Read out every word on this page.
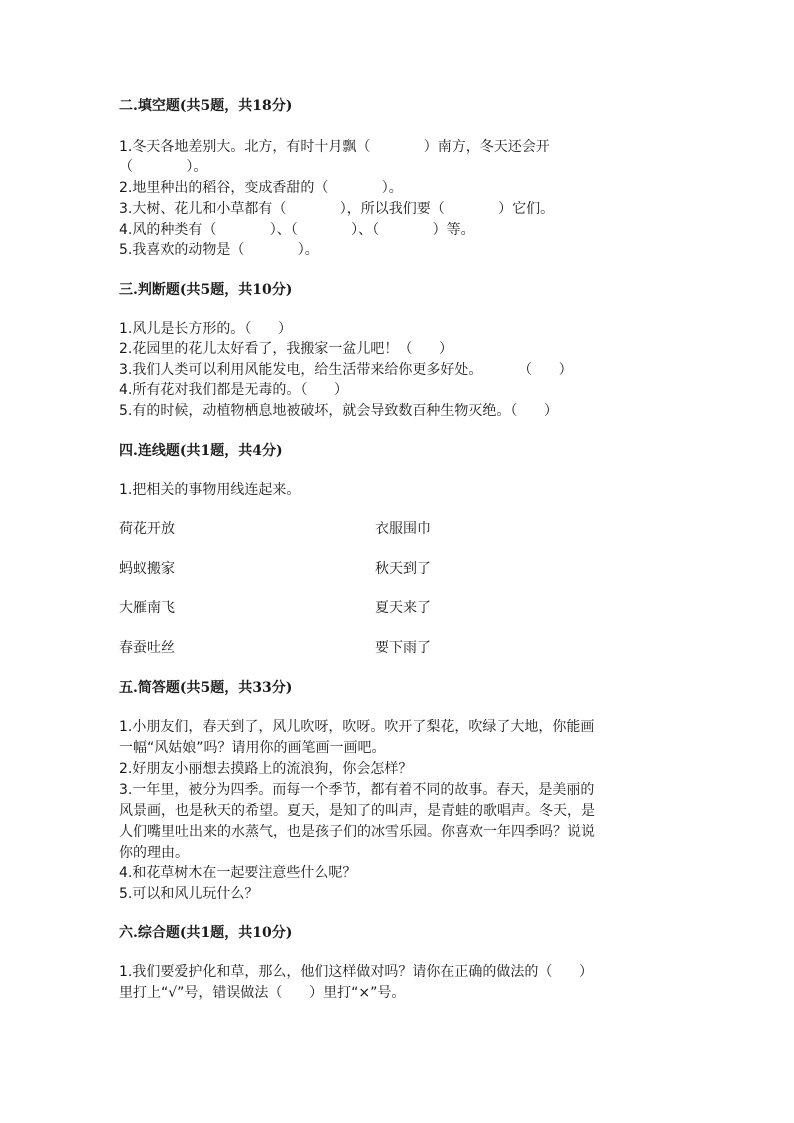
二.填空题(共5题，共18分)
1.冬天各地差别大。北方，有时十月飘（            ）南方，冬天还会开
（            ）。
2.地里种出的稻谷，变成香甜的（            ）。
3.大树、花儿和小草都有（            ），所以我们要（            ）它们。
4.风的种类有（            ）、（            ）、（            ）等。
5.我喜欢的动物是（            ）。
三.判断题(共5题，共10分)
1.风儿是长方形的。（      ）
2.花园里的花儿太好看了，我搬家一盆儿吧！（      ）
3.我们人类可以利用风能发电，给生活带来给你更多好处。        （      ）
4.所有花对我们都是无毒的。（      ）
5.有的时候，动植物栖息地被破坏，就会导致数百种生物灭绝。（      ）
四.连线题(共1题，共4分)
1.把相关的事物用线连起来。
荷花开放	衣服围巾
蚂蚁搬家	秋天到了
大雁南飞	夏天来了
春蚕吐丝	要下雨了
五.简答题(共5题，共33分)
1.小朋友们，春天到了，风儿吹呀，吹呀。吹开了梨花，吹绿了大地，你能画
一幅“风姑娘”吗？请用你的画笔画一画吧。
2.好朋友小丽想去摸路上的流浪狗，你会怎样？
3.一年里，被分为四季。而每一个季节，都有着不同的故事。春天，是美丽的
风景画，也是秋天的希望。夏天，是知了的叫声，是青蛙的歌唱声。冬天，是
人们嘴里吐出来的水蒸气，也是孩子们的冰雪乐园。你喜欢一年四季吗？说说
你的理由。
4.和花草树木在一起要注意些什么呢？
5.可以和风儿玩什么？
六.综合题(共1题，共10分)
1.我们要爱护化和草，那么，他们这样做对吗？请你在正确的做法的（      ）
里打上“√”号，错误做法（      ）里打“×”号。
